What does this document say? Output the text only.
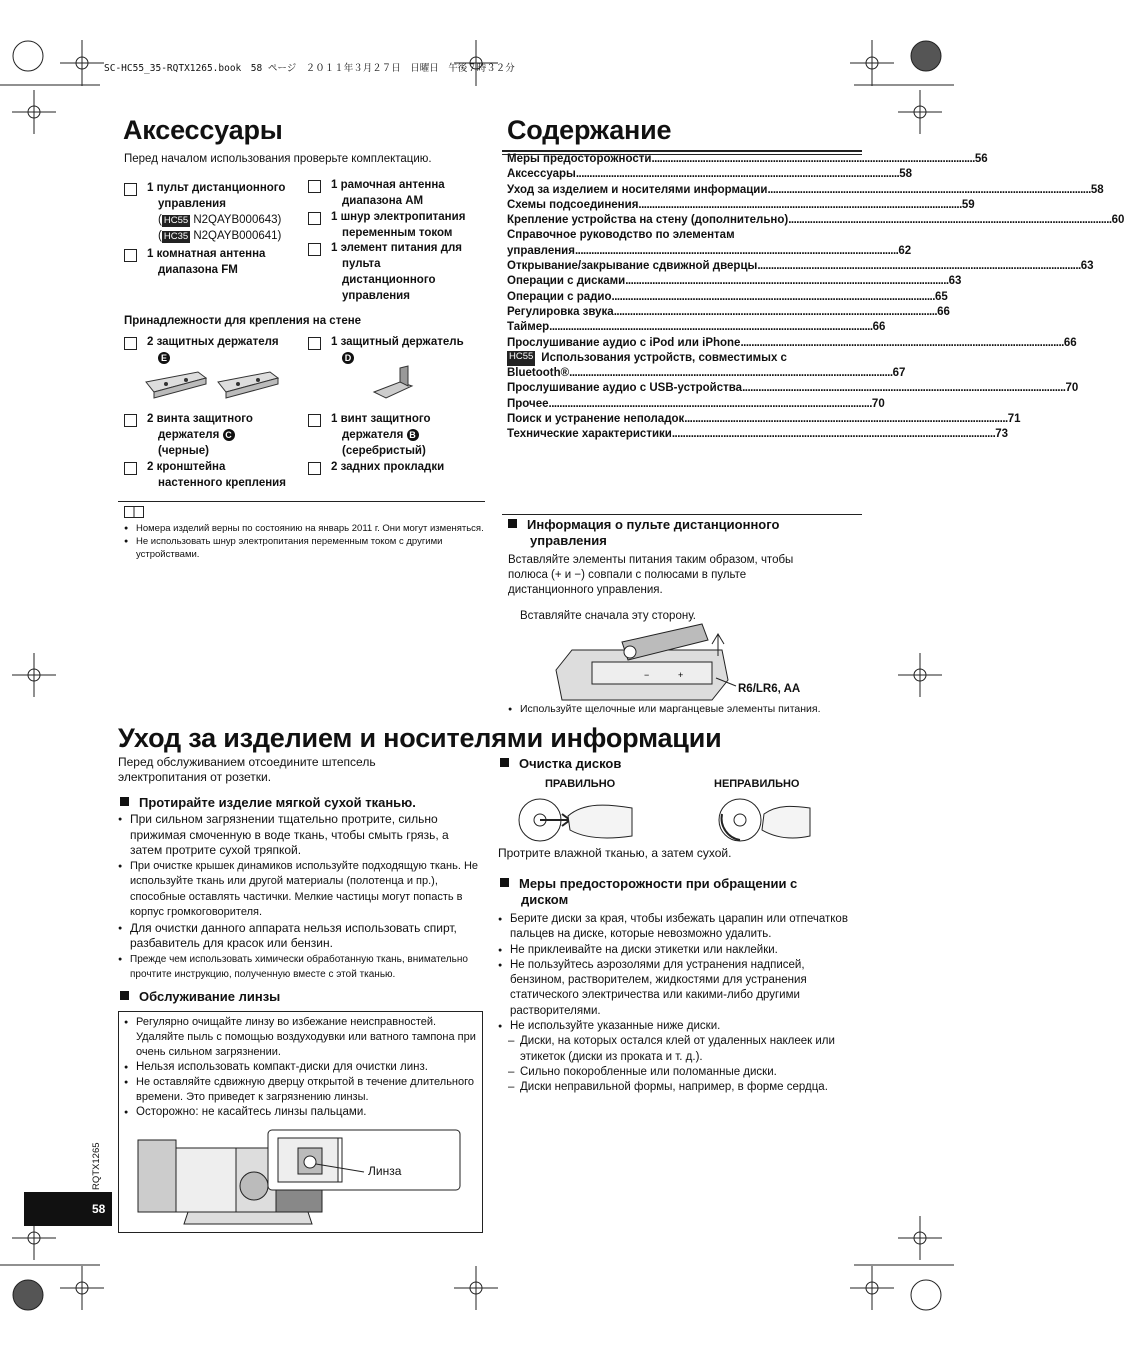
SC-HC55_35-RQTX1265.book　58 ページ　２０１１年３月２７日　日曜日　午後７時３２分
Аксессуары
Перед началом использования проверьте комплектацию.
1 пульт дистанционного
управления
( HC55 N2QAYB000643)
( HC35 N2QAYB000641)
1 комнатная антенна
диапазона FM
1 рамочная антенна
диапазона AM
1 шнур электропитания
переменным током
1 элемент питания для
пульта
дистанционного
управления
Принадлежности для крепления на стене
2 защитных держателя
E
1 защитный держатель
D
2 винта защитного
держателя C
(черные)
1 винт защитного
держателя B
(серебристый)
2 кронштейна
настенного крепления
2 задних прокладки
● Номера изделий верны по состоянию на январь 2011 г. Они могут изменяться.
● Не использовать шнур электропитания переменным током с другими устройствами.
Содержание
Меры предосторожности ........................................................................................................................ 56
Аксессуары ........................................................................................................................ 58
Уход за изделием и носителями информации ........................................................................................................................ 58
Схемы подсоединения ........................................................................................................................ 59
Крепление устройства на стену (дополнительно) ........................................................................................................................ 60
Справочное руководство по элементам
управления ........................................................................................................................ 62
Открывание/закрывание сдвижной дверцы ........................................................................................................................ 63
Операции с дисками ........................................................................................................................ 63
Операции с радио ........................................................................................................................ 65
Регулировка звука ........................................................................................................................ 66
Таймер ........................................................................................................................ 66
Прослушивание аудио с iPod или iPhone ........................................................................................................................ 66
HC55 Использования устройств, совместимых с
Bluetooth® ........................................................................................................................ 67
Прослушивание аудио с USB-устройства ........................................................................................................................ 70
Прочее ........................................................................................................................ 70
Поиск и устранение неполадок ........................................................................................................................ 71
Технические характеристики ........................................................................................................................ 73
Информация о пульте дистанционного
управления
Вставляйте элементы питания таким образом, чтобы
полюса (+ и −) совпали с полюсами в пульте
дистанционного управления.
Вставляйте сначала эту сторону.
−	+
R6/LR6, AA
● Используйте щелочные или марганцевые элементы питания.
Уход за изделием и носителями информации
Перед обслуживанием отсоедините штепсель
электропитания от розетки.
Протирайте изделие мягкой сухой тканью.
● При сильном загрязнении тщательно протрите, сильно прижимая смоченную в воде ткань, чтобы смыть грязь, а затем протрите сухой тряпкой.
● При очистке крышек динамиков используйте подходящую ткань. Не используйте ткань или другой материалы (полотенца и пр.), способные оставлять частички. Мелкие частицы могут попасть в корпус громкоговорителя.
● Для очистки данного аппарата нельзя использовать спирт, разбавитель для красок или бензин.
● Прежде чем использовать химически обработанную ткань, внимательно прочтите инструкцию, полученную вместе с этой тканью.
Обслуживание линзы
● Регулярно очищайте линзу во избежание неисправностей. Удаляйте пыль с помощью воздуходувки или ватного тампона при очень сильном загрязнении.
● Нельзя использовать компакт-диски для очистки линз.
● Не оставляйте сдвижную дверцу открытой в течение длительного времени. Это приведет к загрязнению линзы.
● Осторожно: не касайтесь линзы пальцами.
Линза
Очистка дисков
ПРАВИЛЬНО	НЕПРАВИЛЬНО
Протрите влажной тканью, а затем сухой.
Меры предосторожности при обращении с
диском
● Берите диски за края, чтобы избежать царапин или отпечатков пальцев на диске, которые невозможно удалить.
● Не приклеивайте на диски этикетки или наклейки.
● Не пользуйтесь аэрозолями для устранения надписей, бензином, растворителем, жидкостями для устранения статического электричества или какими-либо другими растворителями.
● Не используйте указанные ниже диски.
– Диски, на которых остался клей от удаленных наклеек или этикеток (диски из проката и т. д.).
– Сильно покоробленные или поломанные диски.
– Диски неправильной формы, например, в форме сердца.
RQTX1265
58
